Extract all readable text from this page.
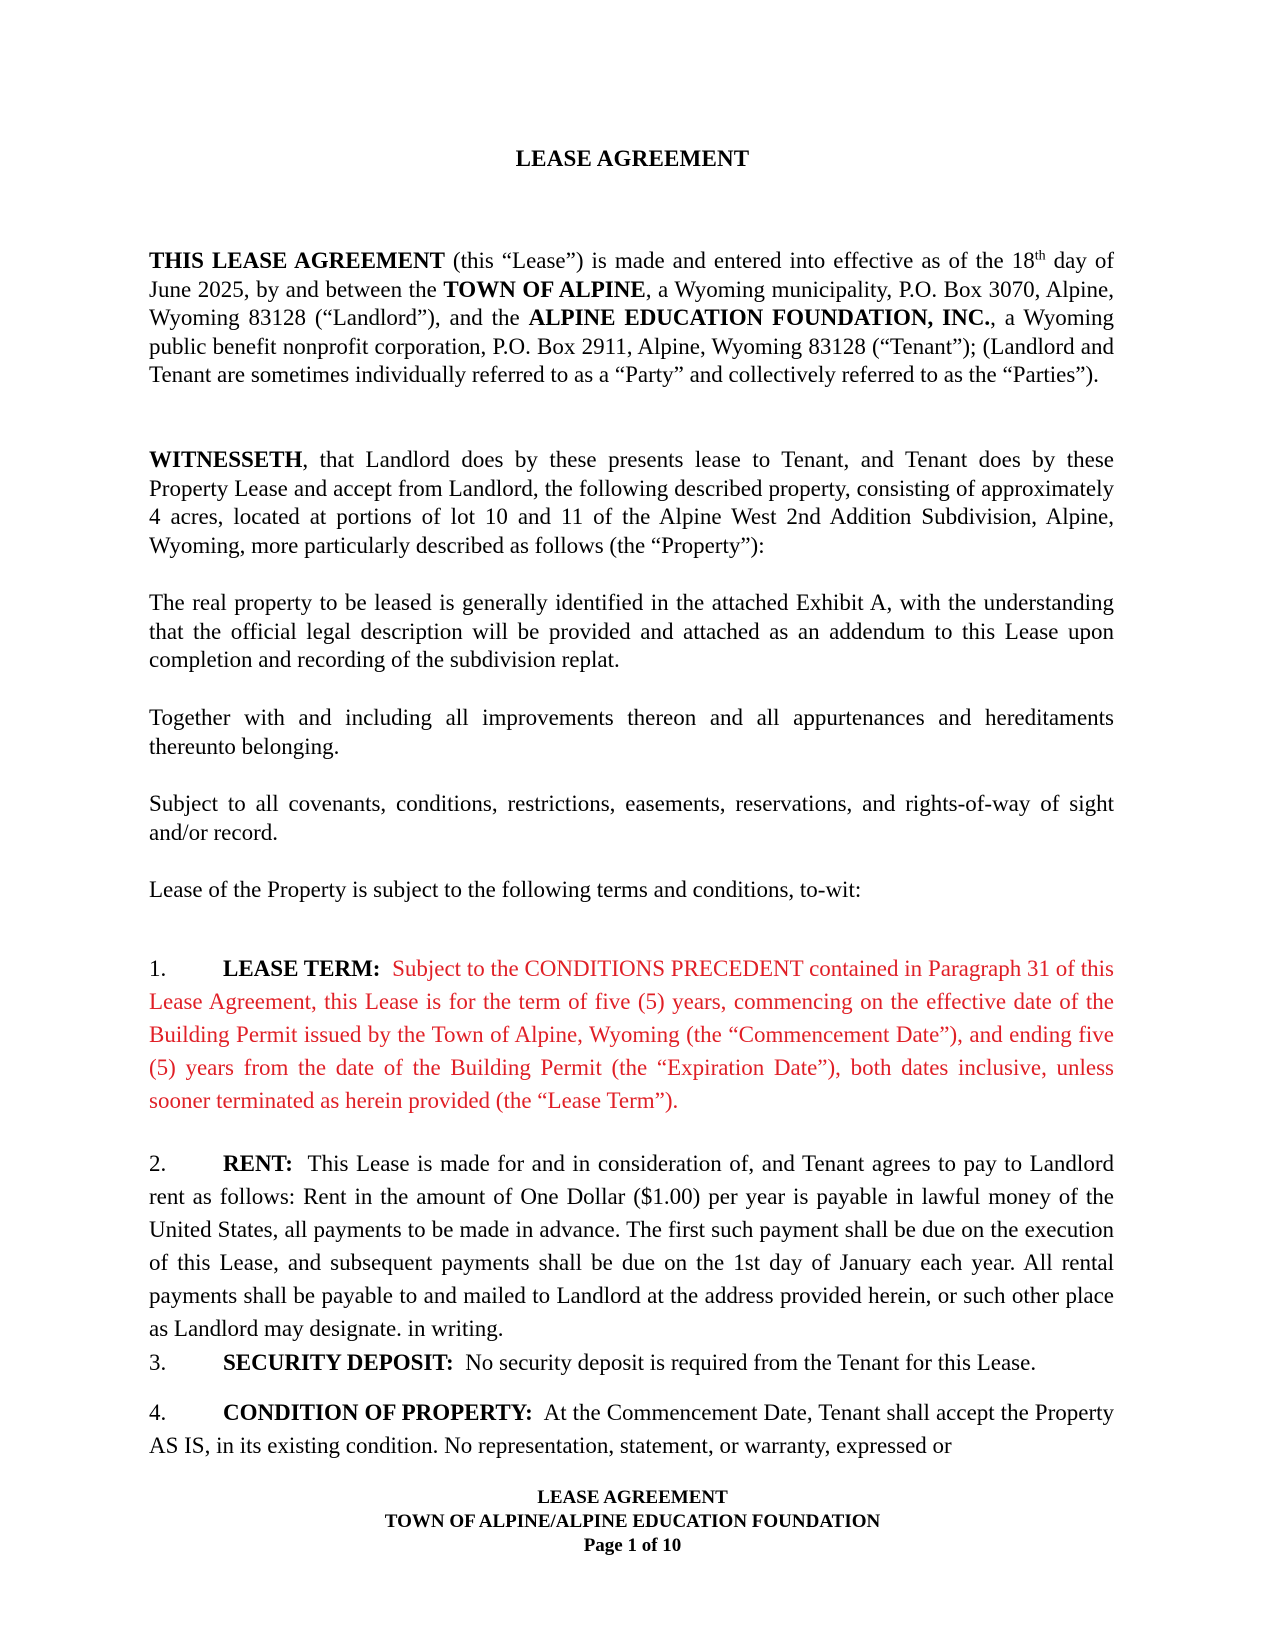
LEASE AGREEMENT

THIS LEASE AGREEMENT (this “Lease”) is made and entered into effective as of the 18th day of June 2025, by and between the TOWN OF ALPINE, a Wyoming municipality, P.O. Box 3070, Alpine, Wyoming 83128 (“Landlord”), and the ALPINE EDUCATION FOUNDATION, INC., a Wyoming public benefit nonprofit corporation, P.O. Box 2911, Alpine, Wyoming 83128 (“Tenant”); (Landlord and Tenant are sometimes individually referred to as a “Party” and collectively referred to as the “Parties”).

WITNESSETH, that Landlord does by these presents lease to Tenant, and Tenant does by these Property Lease and accept from Landlord, the following described property, consisting of approximately 4 acres, located at portions of lot 10 and 11 of the Alpine West 2nd Addition Subdivision, Alpine, Wyoming, more particularly described as follows (the “Property”):

The real property to be leased is generally identified in the attached Exhibit A, with the understanding that the official legal description will be provided and attached as an addendum to this Lease upon completion and recording of the subdivision replat.

Together with and including all improvements thereon and all appurtenances and hereditaments thereunto belonging.

Subject to all covenants, conditions, restrictions, easements, reservations, and rights-of-way of sight and/or record.

Lease of the Property is subject to the following terms and conditions, to-wit:

1. LEASE TERM: Subject to the CONDITIONS PRECEDENT contained in Paragraph 31 of this Lease Agreement, this Lease is for the term of five (5) years, commencing on the effective date of the Building Permit issued by the Town of Alpine, Wyoming (the “Commencement Date”), and ending five (5) years from the date of the Building Permit (the “Expiration Date”), both dates inclusive, unless sooner terminated as herein provided (the “Lease Term”).

2. RENT: This Lease is made for and in consideration of, and Tenant agrees to pay to Landlord rent as follows: Rent in the amount of One Dollar ($1.00) per year is payable in lawful money of the United States, all payments to be made in advance. The first such payment shall be due on the execution of this Lease, and subsequent payments shall be due on the 1st day of January each year. All rental payments shall be payable to and mailed to Landlord at the address provided herein, or such other place as Landlord may designate. in writing.

3. SECURITY DEPOSIT: No security deposit is required from the Tenant for this Lease.

4. CONDITION OF PROPERTY: At the Commencement Date, Tenant shall accept the Property AS IS, in its existing condition. No representation, statement, or warranty, expressed or

LEASE AGREEMENT
TOWN OF ALPINE/ALPINE EDUCATION FOUNDATION
Page 1 of 10
